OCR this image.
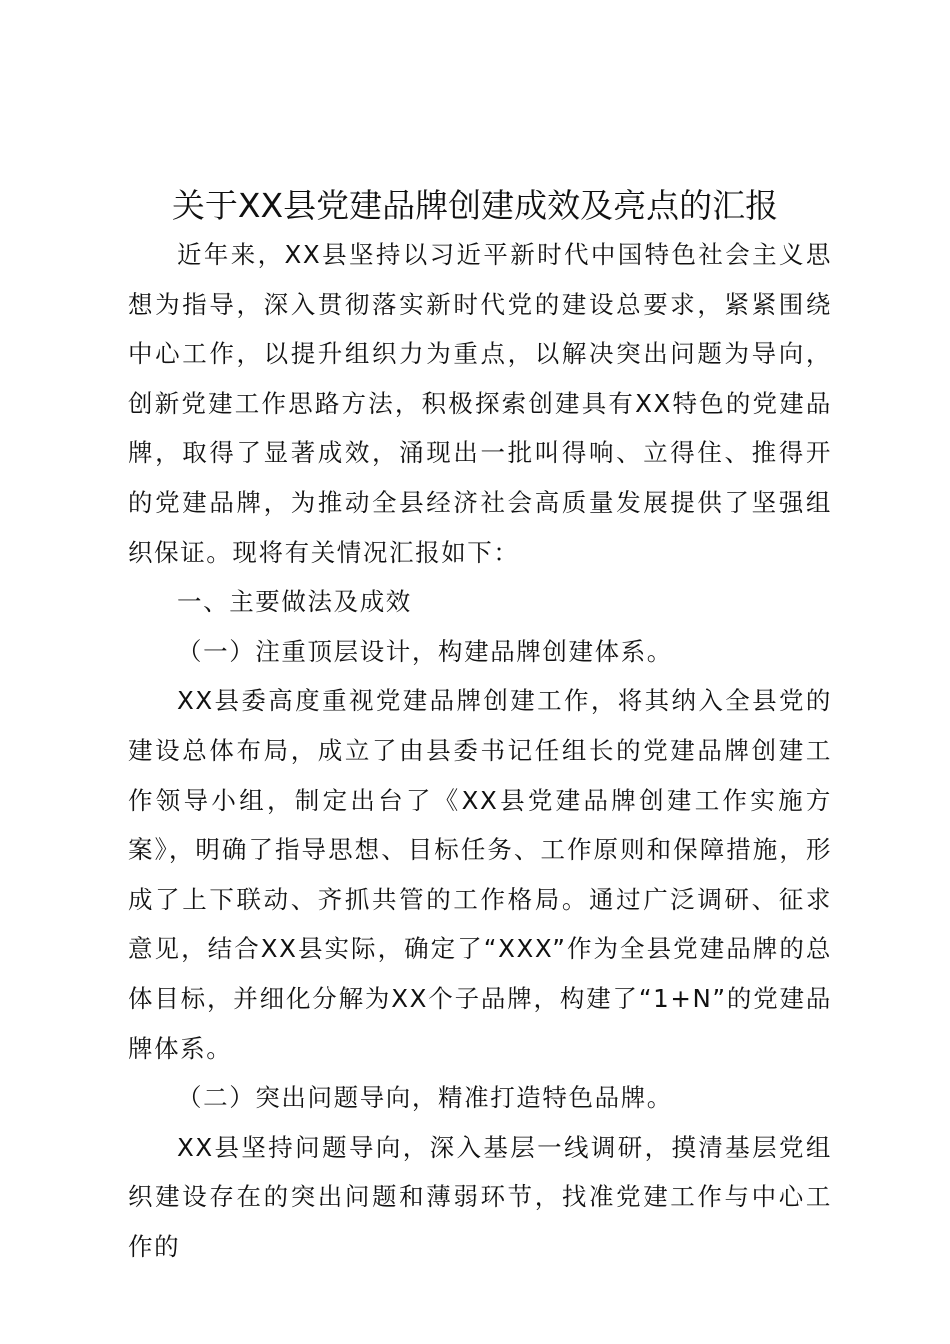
关于XX县党建品牌创建成效及亮点的汇报

近年来，XX县坚持以习近平新时代中国特色社会主义思想为指导，深入贯彻落实新时代党的建设总要求，紧紧围绕中心工作，以提升组织力为重点，以解决突出问题为导向，创新党建工作思路方法，积极探索创建具有XX特色的党建品牌，取得了显著成效，涌现出一批叫得响、立得住、推得开的党建品牌，为推动全县经济社会高质量发展提供了坚强组织保证。现将有关情况汇报如下：

一、主要做法及成效

（一）注重顶层设计，构建品牌创建体系。

XX县委高度重视党建品牌创建工作，将其纳入全县党的建设总体布局，成立了由县委书记任组长的党建品牌创建工作领导小组，制定出台了《XX县党建品牌创建工作实施方案》，明确了指导思想、目标任务、工作原则和保障措施，形成了上下联动、齐抓共管的工作格局。通过广泛调研、征求意见，结合XX县实际，确定了“XXX”作为全县党建品牌的总体目标，并细化分解为XX个子品牌，构建了“1+N”的党建品牌体系。

（二）突出问题导向，精准打造特色品牌。

XX县坚持问题导向，深入基层一线调研，摸清基层党组织建设存在的突出问题和薄弱环节，找准党建工作与中心工作的
